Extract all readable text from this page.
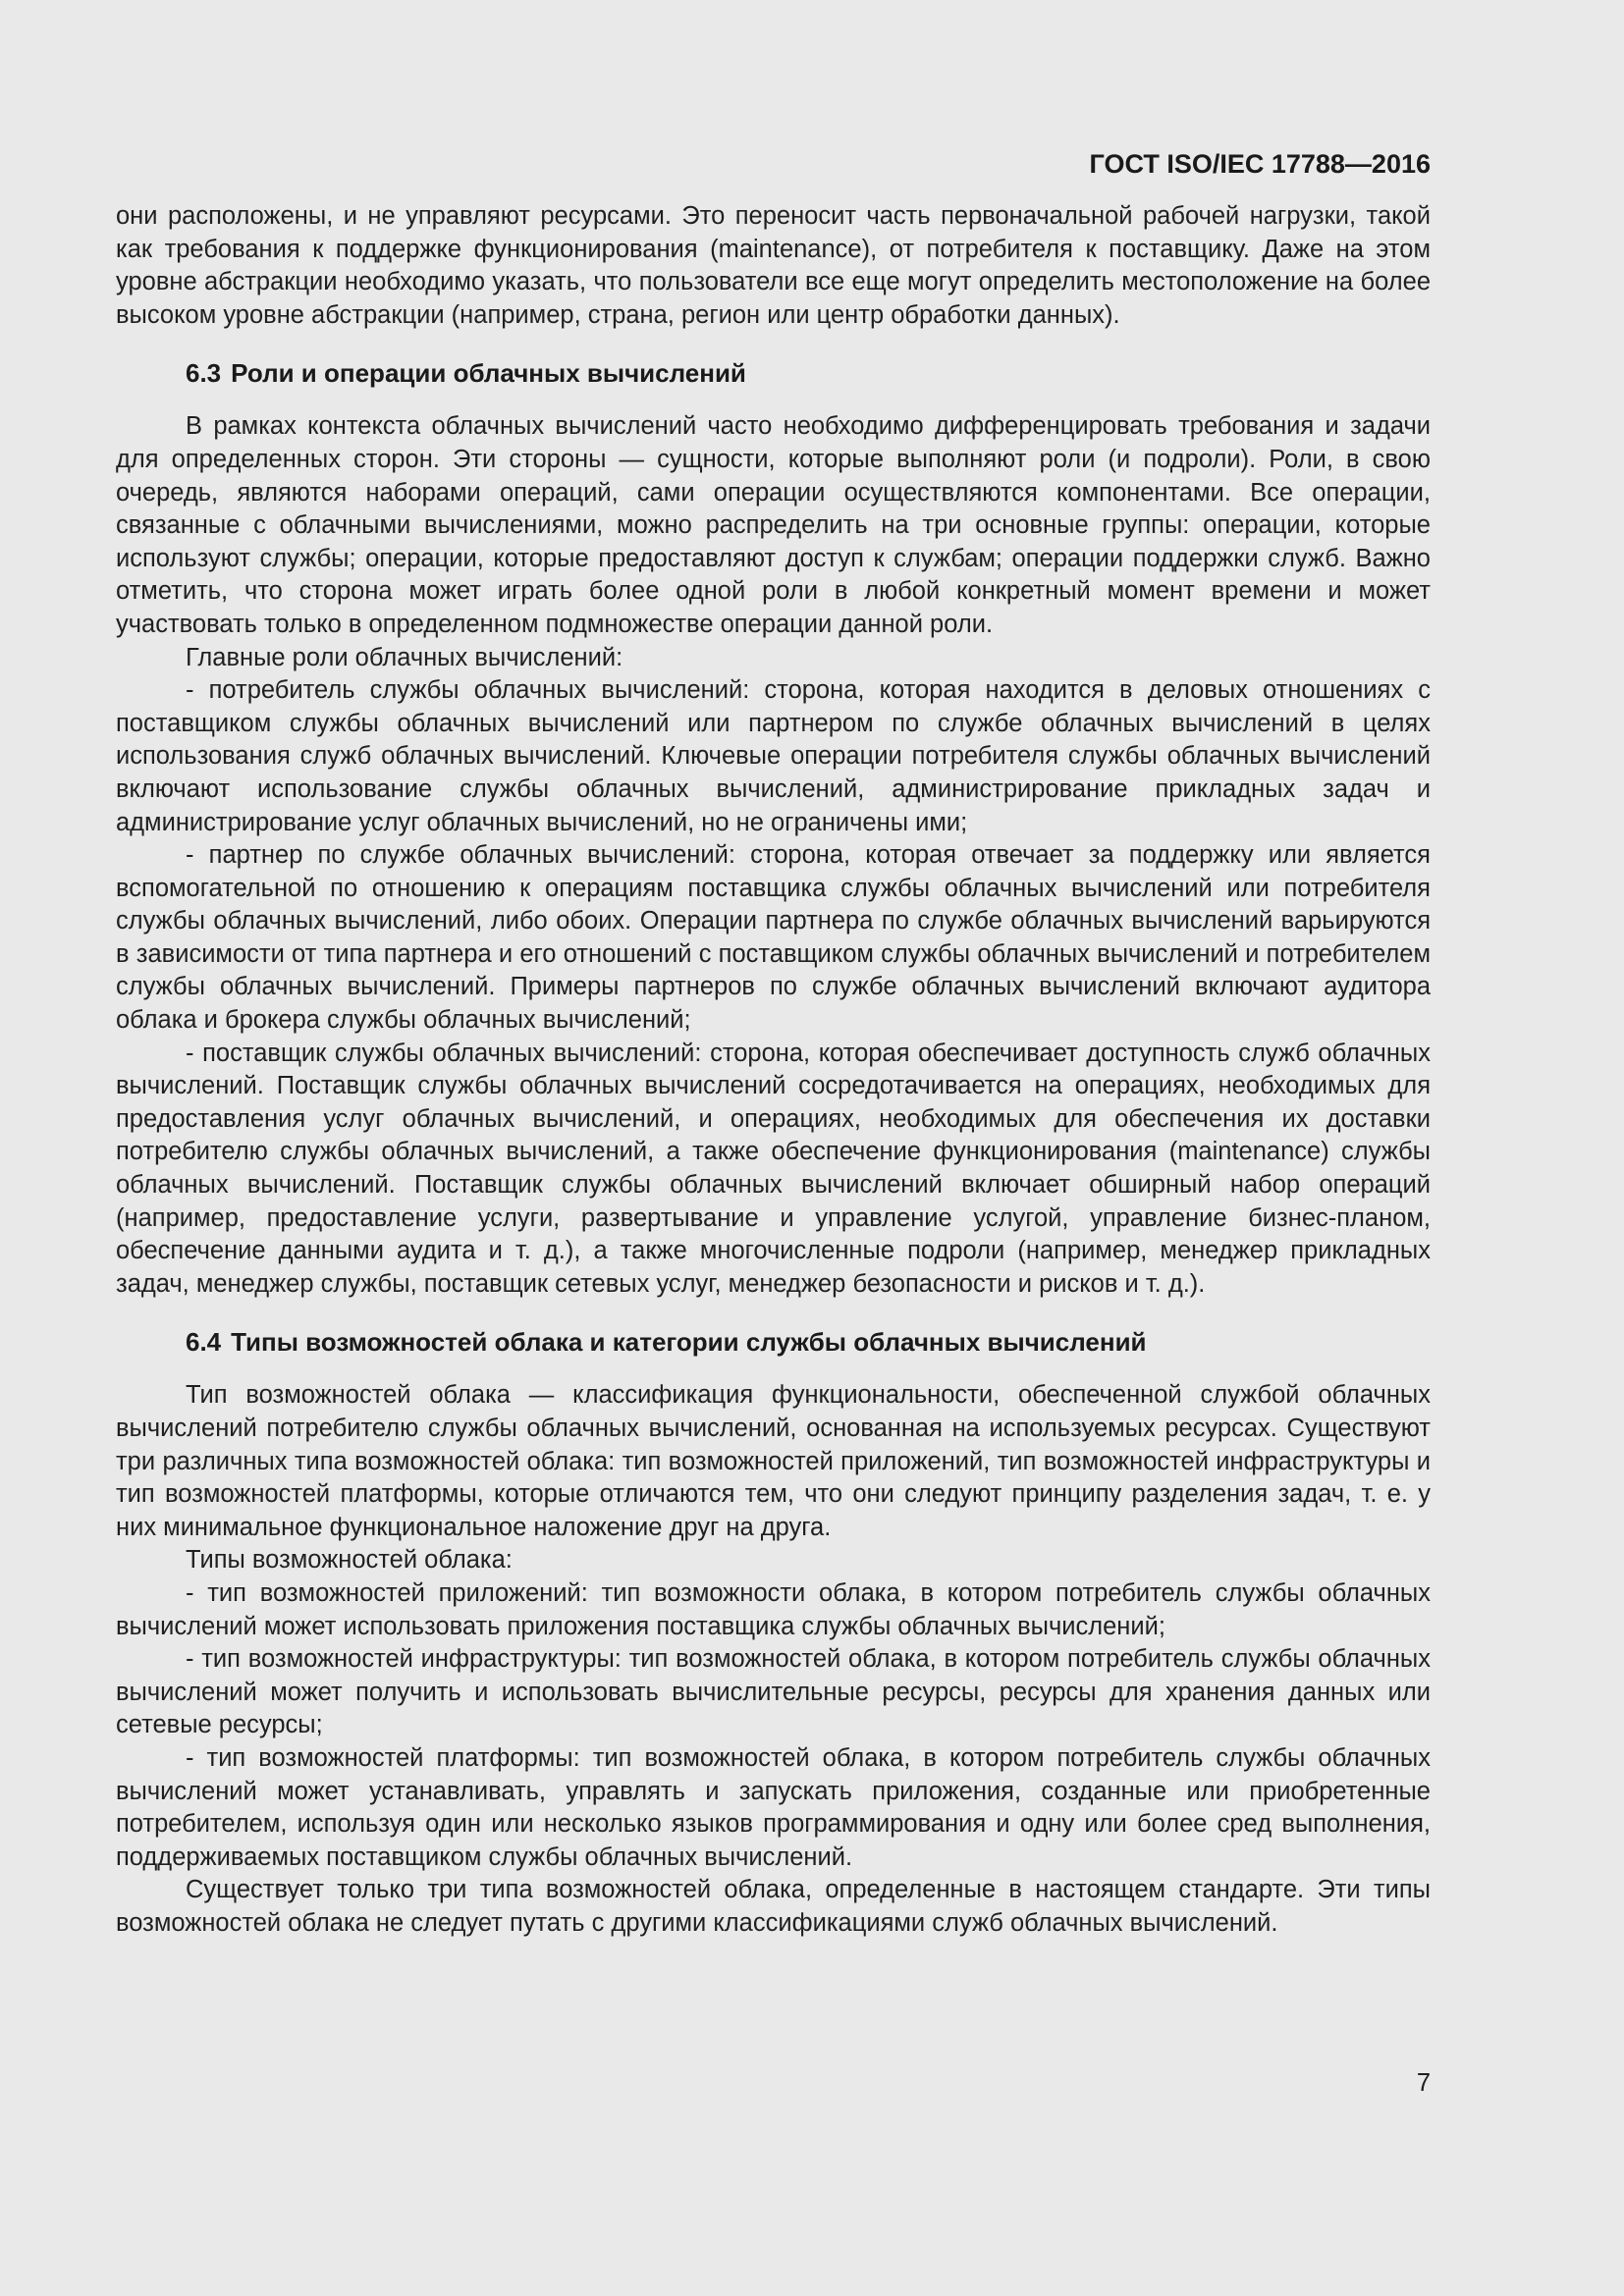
ГОСТ ISO/IEC 17788—2016

они расположены, и не управляют ресурсами. Это переносит часть первоначальной рабочей нагрузки, такой как требования к поддержке функционирования (maintenance), от потребителя к поставщику. Даже на этом уровне абстракции необходимо указать, что пользователи все еще могут определить местоположение на более высоком уровне абстракции (например, страна, регион или центр обработки данных).

6.3 Роли и операции облачных вычислений

В рамках контекста облачных вычислений часто необходимо дифференцировать требования и задачи для определенных сторон. Эти стороны — сущности, которые выполняют роли (и подроли). Роли, в свою очередь, являются наборами операций, сами операции осуществляются компонентами. Все операции, связанные с облачными вычислениями, можно распределить на три основные группы: операции, которые используют службы; операции, которые предоставляют доступ к службам; операции поддержки служб. Важно отметить, что сторона может играть более одной роли в любой конкретный момент времени и может участвовать только в определенном подмножестве операции данной роли.

Главные роли облачных вычислений:

- потребитель службы облачных вычислений: сторона, которая находится в деловых отношениях с поставщиком службы облачных вычислений или партнером по службе облачных вычислений в целях использования служб облачных вычислений. Ключевые операции потребителя службы облачных вычислений включают использование службы облачных вычислений, администрирование прикладных задач и администрирование услуг облачных вычислений, но не ограничены ими;

- партнер по службе облачных вычислений: сторона, которая отвечает за поддержку или является вспомогательной по отношению к операциям поставщика службы облачных вычислений или потребителя службы облачных вычислений, либо обоих. Операции партнера по службе облачных вычислений варьируются в зависимости от типа партнера и его отношений с поставщиком службы облачных вычислений и потребителем службы облачных вычислений. Примеры партнеров по службе облачных вычислений включают аудитора облака и брокера службы облачных вычислений;

- поставщик службы облачных вычислений: сторона, которая обеспечивает доступность служб облачных вычислений. Поставщик службы облачных вычислений сосредотачивается на операциях, необходимых для предоставления услуг облачных вычислений, и операциях, необходимых для обеспечения их доставки потребителю службы облачных вычислений, а также обеспечение функционирования (maintenance) службы облачных вычислений. Поставщик службы облачных вычислений включает обширный набор операций (например, предоставление услуги, развертывание и управление услугой, управление бизнес-планом, обеспечение данными аудита и т. д.), а также многочисленные подроли (например, менеджер прикладных задач, менеджер службы, поставщик сетевых услуг, менеджер безопасности и рисков и т. д.).

6.4 Типы возможностей облака и категории службы облачных вычислений

Тип возможностей облака — классификация функциональности, обеспеченной службой облачных вычислений потребителю службы облачных вычислений, основанная на используемых ресурсах. Существуют три различных типа возможностей облака: тип возможностей приложений, тип возможностей инфраструктуры и тип возможностей платформы, которые отличаются тем, что они следуют принципу разделения задач, т. е. у них минимальное функциональное наложение друг на друга.

Типы возможностей облака:

- тип возможностей приложений: тип возможности облака, в котором потребитель службы облачных вычислений может использовать приложения поставщика службы облачных вычислений;

- тип возможностей инфраструктуры: тип возможностей облака, в котором потребитель службы облачных вычислений может получить и использовать вычислительные ресурсы, ресурсы для хранения данных или сетевые ресурсы;

- тип возможностей платформы: тип возможностей облака, в котором потребитель службы облачных вычислений может устанавливать, управлять и запускать приложения, созданные или приобретенные потребителем, используя один или несколько языков программирования и одну или более сред выполнения, поддерживаемых поставщиком службы облачных вычислений.

Существует только три типа возможностей облака, определенные в настоящем стандарте. Эти типы возможностей облака не следует путать с другими классификациями служб облачных вычислений.

7
